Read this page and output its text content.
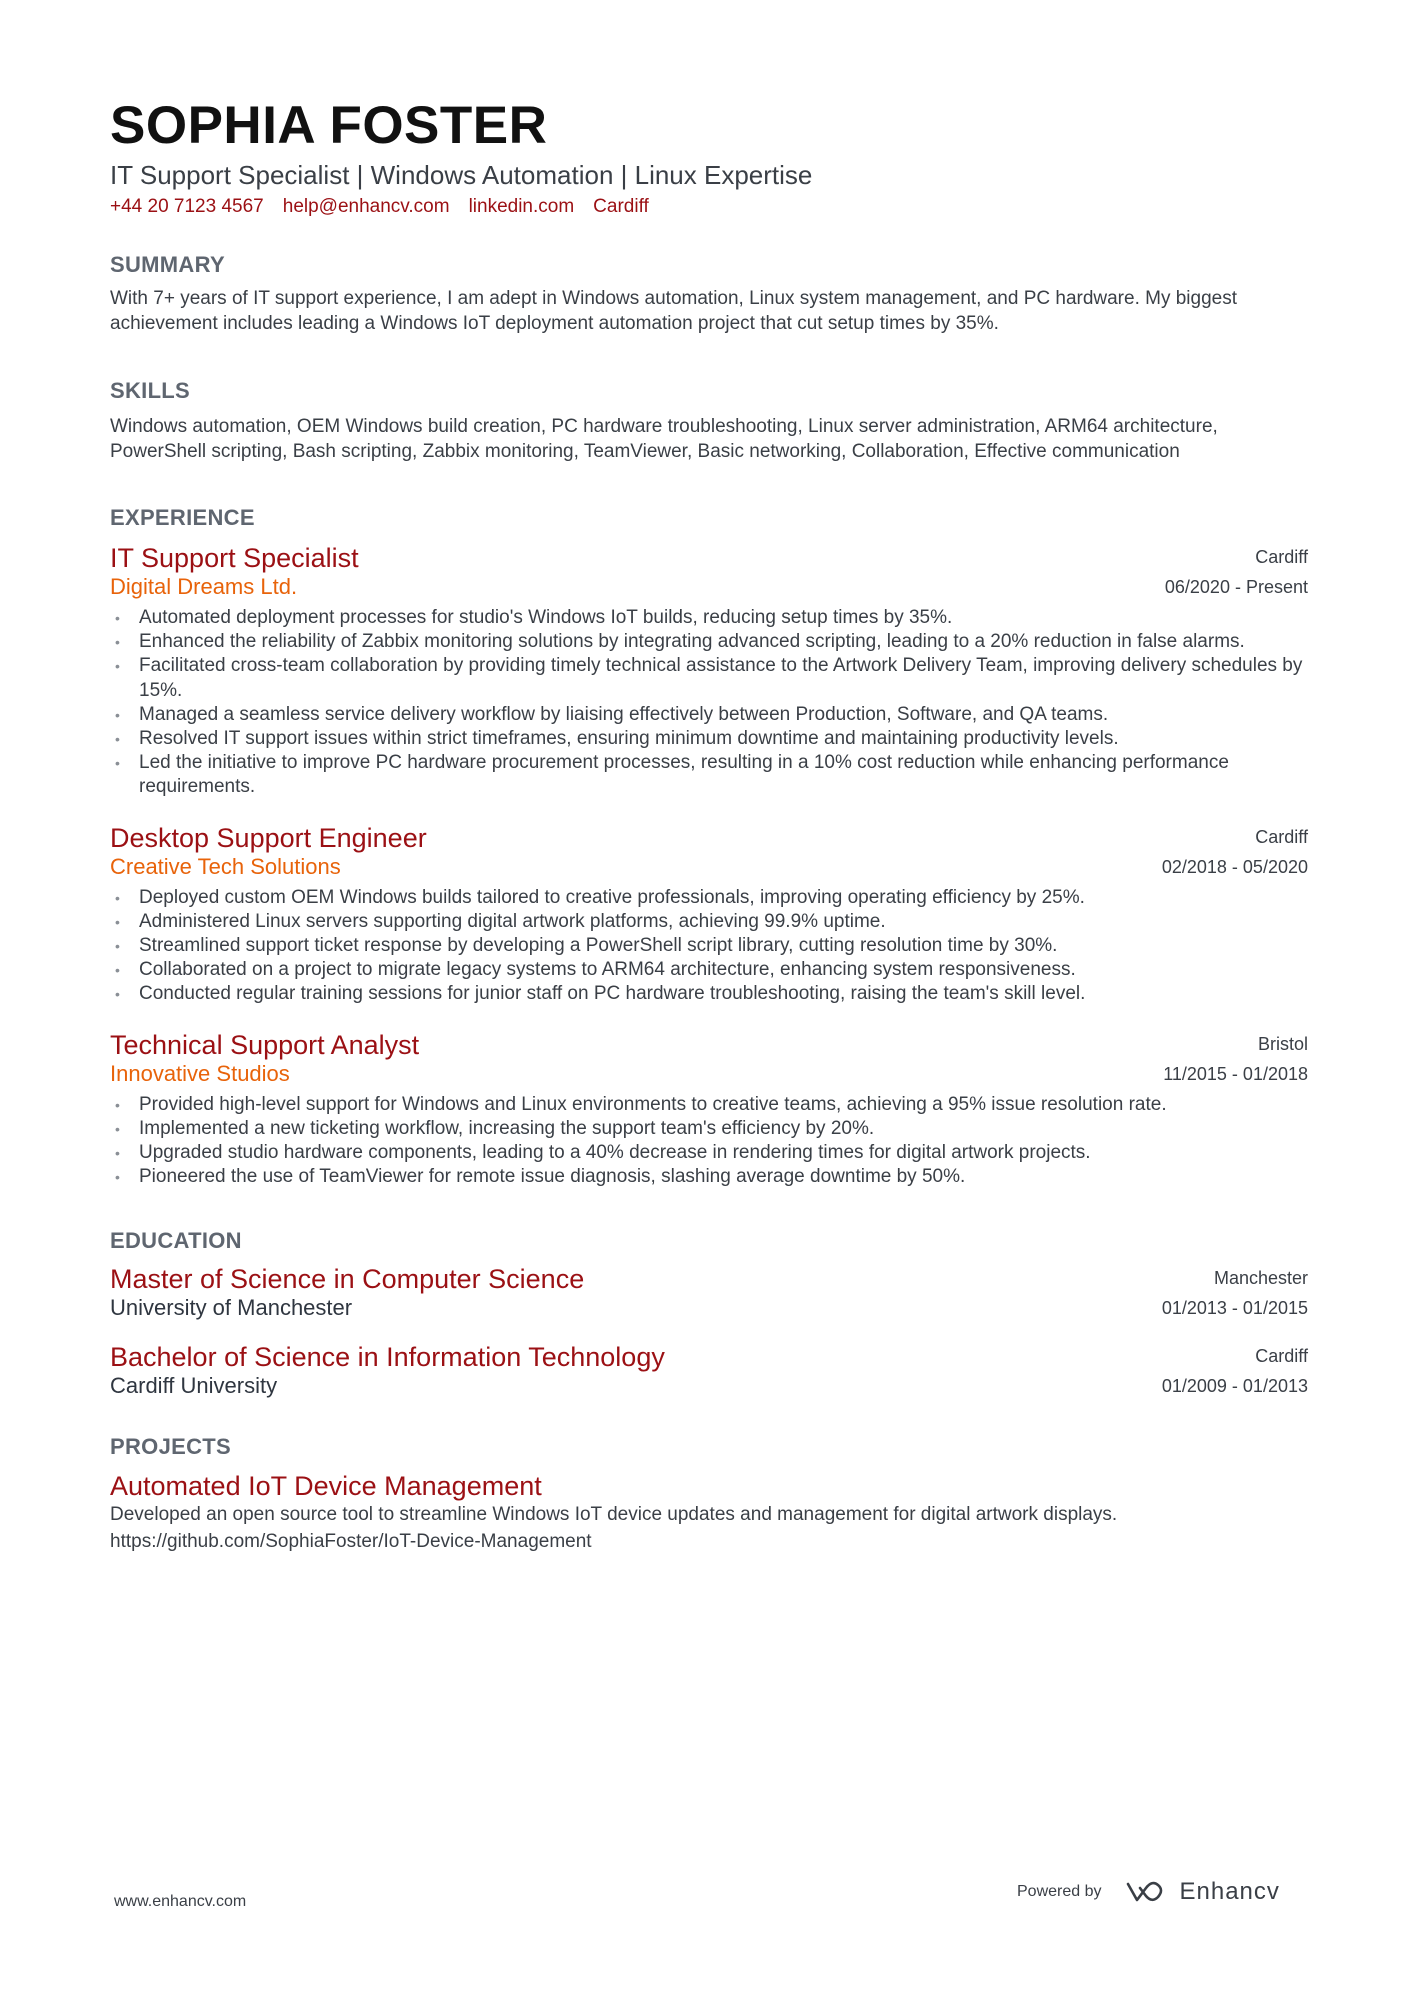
SOPHIA FOSTER
IT Support Specialist | Windows Automation | Linux Expertise
+44 20 7123 4567 help@enhancv.com linkedin.com Cardiff
SUMMARY
With 7+ years of IT support experience, I am adept in Windows automation, Linux system management, and PC hardware. My biggest achievement includes leading a Windows IoT deployment automation project that cut setup times by 35%.
SKILLS
Windows automation, OEM Windows build creation, PC hardware troubleshooting, Linux server administration, ARM64 architecture, PowerShell scripting, Bash scripting, Zabbix monitoring, TeamViewer, Basic networking, Collaboration, Effective communication
EXPERIENCE
IT Support Specialist
Digital Dreams Ltd.
Cardiff
06/2020 - Present
• Automated deployment processes for studio's Windows IoT builds, reducing setup times by 35%.
• Enhanced the reliability of Zabbix monitoring solutions by integrating advanced scripting, leading to a 20% reduction in false alarms.
• Facilitated cross-team collaboration by providing timely technical assistance to the Artwork Delivery Team, improving delivery schedules by 15%.
• Managed a seamless service delivery workflow by liaising effectively between Production, Software, and QA teams.
• Resolved IT support issues within strict timeframes, ensuring minimum downtime and maintaining productivity levels.
• Led the initiative to improve PC hardware procurement processes, resulting in a 10% cost reduction while enhancing performance requirements.
Desktop Support Engineer
Creative Tech Solutions
Cardiff
02/2018 - 05/2020
• Deployed custom OEM Windows builds tailored to creative professionals, improving operating efficiency by 25%.
• Administered Linux servers supporting digital artwork platforms, achieving 99.9% uptime.
• Streamlined support ticket response by developing a PowerShell script library, cutting resolution time by 30%.
• Collaborated on a project to migrate legacy systems to ARM64 architecture, enhancing system responsiveness.
• Conducted regular training sessions for junior staff on PC hardware troubleshooting, raising the team's skill level.
Technical Support Analyst
Innovative Studios
Bristol
11/2015 - 01/2018
• Provided high-level support for Windows and Linux environments to creative teams, achieving a 95% issue resolution rate.
• Implemented a new ticketing workflow, increasing the support team's efficiency by 20%.
• Upgraded studio hardware components, leading to a 40% decrease in rendering times for digital artwork projects.
• Pioneered the use of TeamViewer for remote issue diagnosis, slashing average downtime by 50%.
EDUCATION
Master of Science in Computer Science
University of Manchester
Manchester
01/2013 - 01/2015
Bachelor of Science in Information Technology
Cardiff University
Cardiff
01/2009 - 01/2013
PROJECTS
Automated IoT Device Management
Developed an open source tool to streamline Windows IoT device updates and management for digital artwork displays.
https://github.com/SophiaFoster/IoT-Device-Management
www.enhancv.com
Powered by	Enhancv
